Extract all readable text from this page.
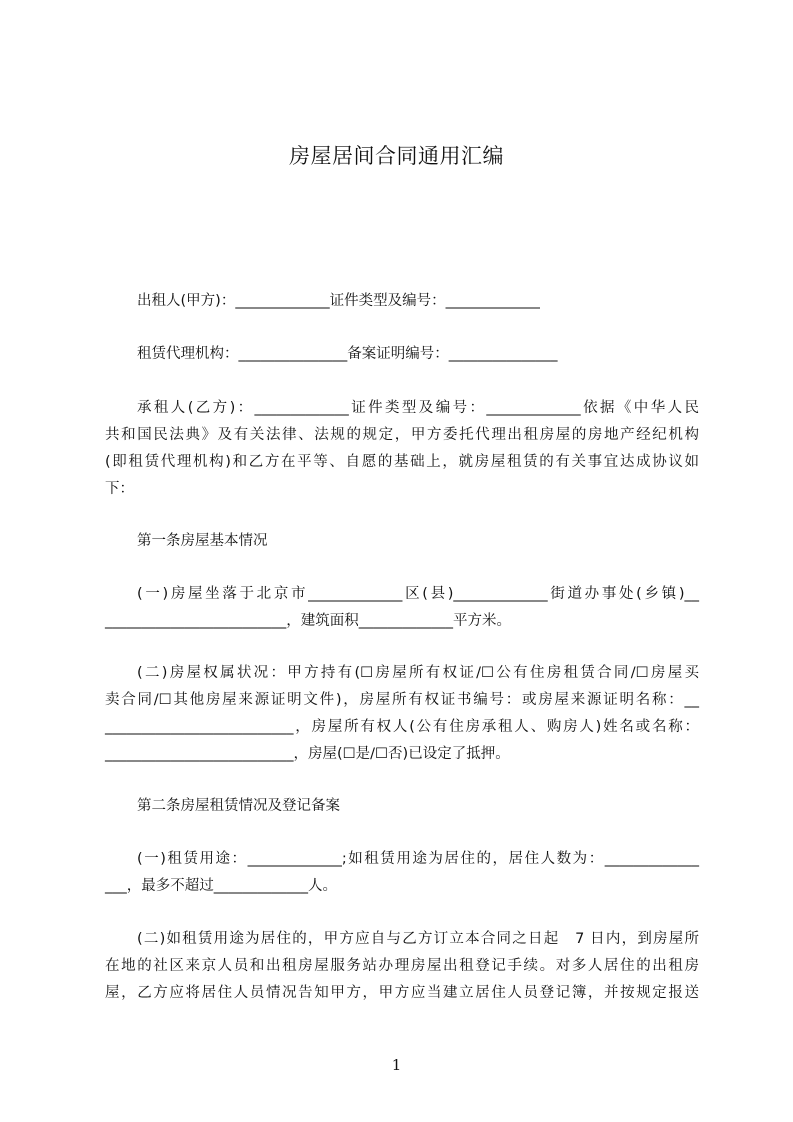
房屋居间合同通用汇编
出租人(甲方)：_____________证件类型及编号：_____________
租赁代理机构：_______________备案证明编号：_______________
承租人(乙方)：_____________证件类型及编号：_____________依据《中华人民
共和国民法典》及有关法律、法规的规定，甲方委托代理出租房屋的房地产经纪机构
(即租赁代理机构)和乙方在平等、自愿的基础上，就房屋租赁的有关事宜达成协议如
下：
第一条房屋基本情况
(一)房屋坐落于北京市_____________区(县)_____________街道办事处(乡镇)__
_________________________，建筑面积_____________平方米。
(二)房屋权属状况：甲方持有(☐房屋所有权证/☐公有住房租赁合同/☐房屋买
卖合同/☐其他房屋来源证明文件)，房屋所有权证书编号：或房屋来源证明名称：__
__________________________，房屋所有权人(公有住房承租人、购房人)姓名或名称：
__________________________，房屋(☐是/☐否)已设定了抵押。
第二条房屋租赁情况及登记备案
(一)租赁用途：_____________;如租赁用途为居住的，居住人数为：_____________
___，最多不超过_____________人。
(二)如租赁用途为居住的，甲方应自与乙方订立本合同之日起　7 日内，到房屋所
在地的社区来京人员和出租房屋服务站办理房屋出租登记手续。对多人居住的出租房
屋，乙方应将居住人员情况告知甲方，甲方应当建立居住人员登记簿，并按规定报送
1
